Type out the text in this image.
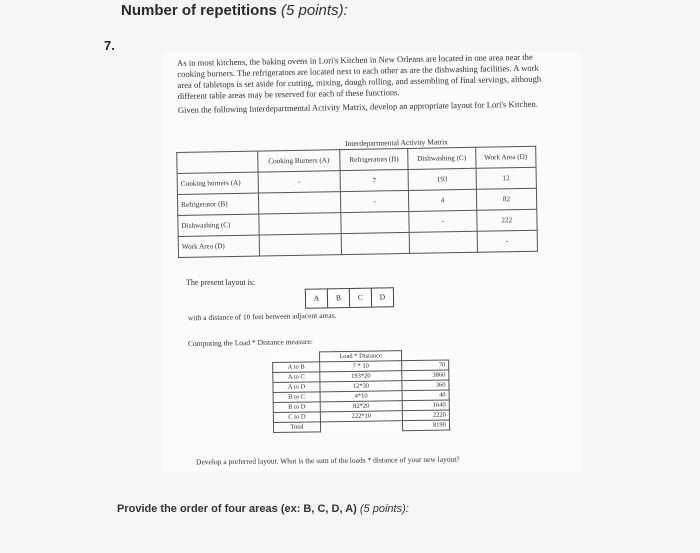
Number of repetitions (5 points):
7.

As in most kitchens, the baking ovens in Lori's Kitchen in New Orleans are located in one area near the cooking burners. The refrigerators are located next to each other as are the dishwashing facilities. A work area of tabletops is set aside for cutting, mixing, dough rolling, and assembling of final servings, although different table areas may be reserved for each of these functions.

Given the following Interdepartmental Activity Matrix, develop an appropriate layout for Lori's Kitchen.

	Interdepartmental Activity Matrix			
	Cooking Burners (A)	Refrigerators (B)	Dishwashing (C)	Work Area (D)
Cooking burners (A)	-	7	193	12
Refrigerator (B)		-	4	82
Dishwashing (C)			-	222
Work Area (D)				-
The present layout is:
A	B	C	D
with a distance of 10 feet between adjacent areas.
Computing the Load * Distance measure:
	Load * Distance	
A to B	7 * 10	70
A to C	193*20	3860
A to D	12*30	360
B to C	4*10	40
B to D	82*20	1640
C to D	222*10	2220
Total		8190
Develop a preferred layout. What is the sum of the loads * distance of your new layout?
Provide the order of four areas (ex: B, C, D, A) (5 points):
